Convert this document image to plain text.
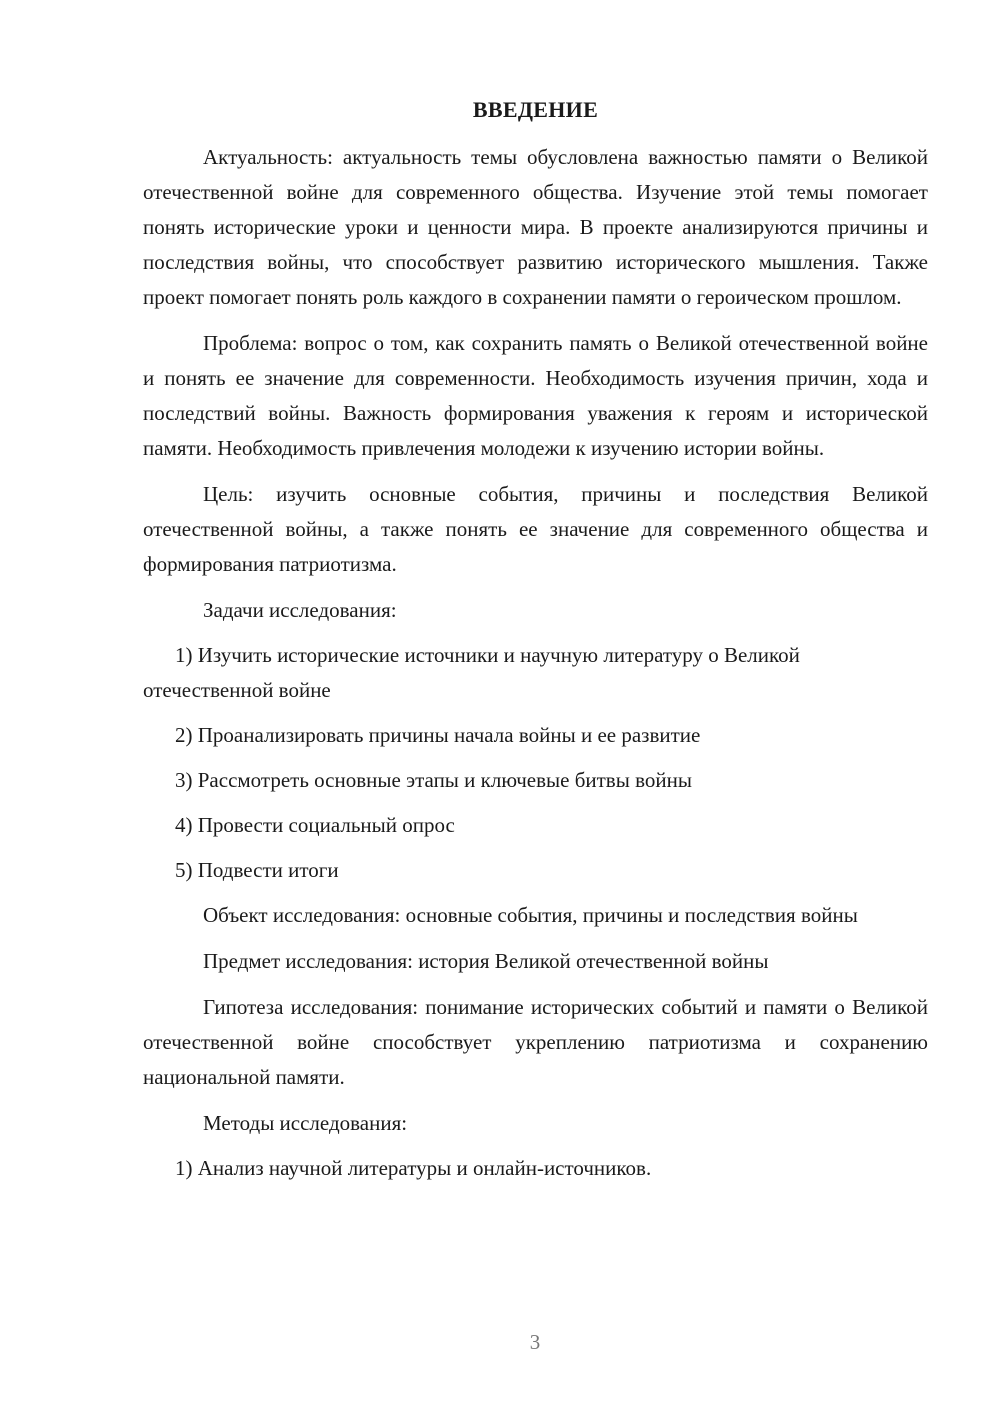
ВВЕДЕНИЕ

Актуальность: актуальность темы обусловлена важностью памяти о Великой отечественной войне для современного общества. Изучение этой темы помогает понять исторические уроки и ценности мира. В проекте анализируются причины и последствия войны, что способствует развитию исторического мышления. Также проект помогает понять роль каждого в сохранении памяти о героическом прошлом.

Проблема: вопрос о том, как сохранить память о Великой отечественной войне и понять ее значение для современности. Необходимость изучения причин, хода и последствий войны. Важность формирования уважения к героям и исторической памяти. Необходимость привлечения молодежи к изучению истории войны.

Цель: изучить основные события, причины и последствия Великой отечественной войны, а также понять ее значение для современного общества и формирования патриотизма.

Задачи исследования:

1) Изучить исторические источники и научную литературу о Великой отечественной войне

2) Проанализировать причины начала войны и ее развитие

3) Рассмотреть основные этапы и ключевые битвы войны

4) Провести социальный опрос

5) Подвести итоги

Объект исследования: основные события, причины и последствия войны

Предмет исследования: история Великой отечественной войны

Гипотеза исследования: понимание исторических событий и памяти о Великой отечественной войне способствует укреплению патриотизма и сохранению национальной памяти.

Методы исследования:

1) Анализ научной литературы и онлайн-источников.

3
